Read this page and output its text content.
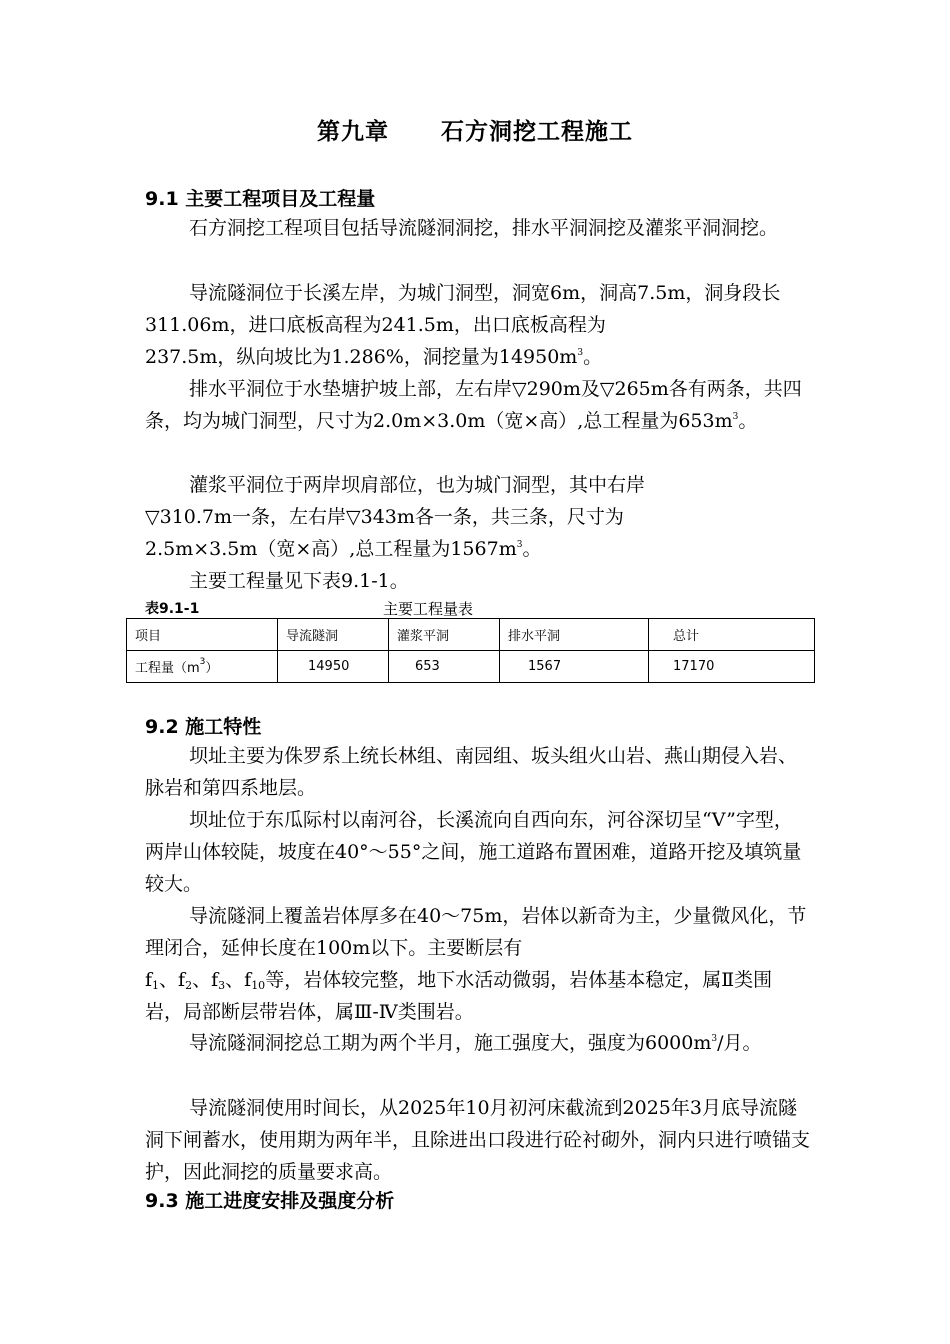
第九章 石方洞挖工程施工
9.1 主要工程项目及工程量

石方洞挖工程项目包括导流隧洞洞挖，排水平洞洞挖及灌浆平洞洞挖。

导流隧洞位于长溪左岸，为城门洞型，洞宽6m，洞高7.5m，洞身段长311.06m，进口底板高程为241.5m，出口底板高程为
237.5m，纵向坡比为1.286%，洞挖量为$14950m^3$。

排水平洞位于水垫塘护坡上部，左右岸▽290m及▽265m各有两条，共四条，均为城门洞型，尺寸为2.0m×3.0m（宽×高）,总工程量为$653m^3$。

灌浆平洞位于两岸坝肩部位，也为城门洞型，其中右岸
▽310.7m一条，左右岸▽343m各一条，共三条，尺寸为
2.5m×3.5m（宽×高）,总工程量为$1567m^3$。

主要工程量见下表9.1-1。

表9.1-1	主要工程量表
项目	导流隧洞	灌浆平洞	排水平洞	总计
工程量$(m^3)$	14950	653	1567	17170
9.2 施工特性

坝址主要为侏罗系上统长林组、南园组、坂头组火山岩、燕山期侵入岩、脉岩和第四系地层。

坝址位于东瓜际村以南河谷，长溪流向自西向东，河谷深切呈“V”字型，两岸山体较陡，坡度在40°～55°之间，施工道路布置困难，道路开挖及填筑量较大。

导流隧洞上覆盖岩体厚多在40～75m，岩体以新奇为主，少量微风化，节理闭合，延伸长度在100m以下。主要断层有
$f_1$、$f_2$、$f_3$、$f_{10}$等，岩体较完整，地下水活动微弱，岩体基本稳定，属Ⅱ类围岩，局部断层带岩体，属Ⅲ-Ⅳ类围岩。

导流隧洞洞挖总工期为两个半月，施工强度大，强度为$6000m^3/$月。

导流隧洞使用时间长，从2025年10月初河床截流到2025年3月底导流隧洞下闸蓄水，使用期为两年半，且除进出口段进行砼衬砌外，洞内只进行喷锚支护，因此洞挖的质量要求高。

9.3 施工进度安排及强度分析
